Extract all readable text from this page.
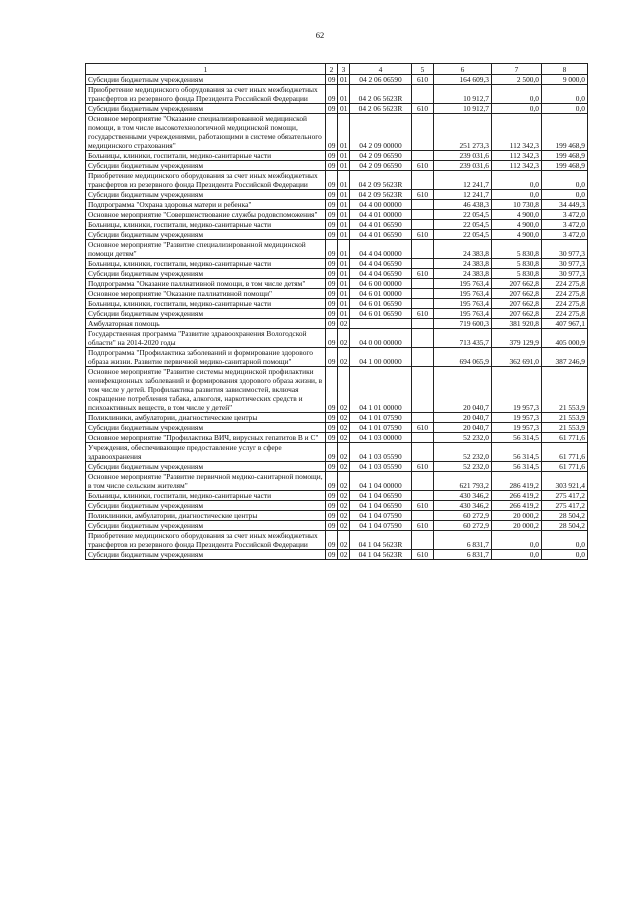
62
1	2	3	4	5	6	7	8
Субсидии бюджетным учреждениям	09	01	04 2 06 06590	610	164 609,3	2 500,0	9 000,0
Приобретение медицинского оборудования за счет иных межбюджетных трансфертов из резервного фонда Президента Российской Федерации	09	01	04 2 06 5623R		10 912,7	0,0	0,0
Субсидии бюджетным учреждениям	09	01	04 2 06 5623R	610	10 912,7	0,0	0,0
Основное мероприятие "Оказание специализированной медицинской помощи, в том числе высокотехнологичной медицинской помощи, государственными учреждениями, работающими в системе обязательного медицинского страхования"	09	01	04 2 09 00000		251 273,3	112 342,3	199 468,9
Больницы, клиники, госпитали, медико-санитарные части	09	01	04 2 09 06590		239 031,6	112 342,3	199 468,9
Субсидии бюджетным учреждениям	09	01	04 2 09 06590	610	239 031,6	112 342,3	199 468,9
Приобретение медицинского оборудования за счет иных межбюджетных трансфертов из резервного фонда Президента Российской Федерации	09	01	04 2 09 5623R		12 241,7	0,0	0,0
Субсидии бюджетным учреждениям	09	01	04 2 09 5623R	610	12 241,7	0,0	0,0
Подпрограмма "Охрана здоровья матери и ребенка"	09	01	04 4 00 00000		46 438,3	10 730,8	34 449,3
Основное мероприятие "Совершенствование службы родовспоможения"	09	01	04 4 01 00000		22 054,5	4 900,0	3 472,0
Больницы, клиники, госпитали, медико-санитарные части	09	01	04 4 01 06590		22 054,5	4 900,0	3 472,0
Субсидии бюджетным учреждениям	09	01	04 4 01 06590	610	22 054,5	4 900,0	3 472,0
Основное мероприятие "Развитие специализированной медицинской помощи детям"	09	01	04 4 04 00000		24 383,8	5 830,8	30 977,3
Больницы, клиники, госпитали, медико-санитарные части	09	01	04 4 04 06590		24 383,8	5 830,8	30 977,3
Субсидии бюджетным учреждениям	09	01	04 4 04 06590	610	24 383,8	5 830,8	30 977,3
Подпрограмма "Оказание паллиативной помощи, в том числе детям"	09	01	04 6 00 00000		195 763,4	207 662,8	224 275,8
Основное мероприятие "Оказание паллиативной помощи"	09	01	04 6 01 00000		195 763,4	207 662,8	224 275,8
Больницы, клиники, госпитали, медико-санитарные части	09	01	04 6 01 06590		195 763,4	207 662,8	224 275,8
Субсидии бюджетным учреждениям	09	01	04 6 01 06590	610	195 763,4	207 662,8	224 275,8
Амбулаторная помощь	09	02			719 600,3	381 920,8	407 967,1
Государственная программа "Развитие здравоохранения Вологодской области" на 2014-2020 годы	09	02	04 0 00 00000		713 435,7	379 129,9	405 000,9
Подпрограмма "Профилактика заболеваний и формирование здорового образа жизни. Развитие первичной медико-санитарной помощи"	09	02	04 1 00 00000		694 065,9	362 691,0	387 246,9
Основное мероприятие "Развитие системы медицинской профилактики неинфекционных заболеваний и формирования здорового образа жизни, в том числе у детей. Профилактика развития зависимостей, включая сокращение потребления табака, алкоголя, наркотических средств и психоактивных веществ, в том числе у детей"	09	02	04 1 01 00000		20 040,7	19 957,3	21 553,9
Поликлиники, амбулатории, диагностические центры	09	02	04 1 01 07590		20 040,7	19 957,3	21 553,9
Субсидии бюджетным учреждениям	09	02	04 1 01 07590	610	20 040,7	19 957,3	21 553,9
Основное мероприятие "Профилактика ВИЧ, вирусных гепатитов В и С"	09	02	04 1 03 00000		52 232,0	56 314,5	61 771,6
Учреждения, обеспечивающие предоставление услуг в сфере здравоохранения	09	02	04 1 03 05590		52 232,0	56 314,5	61 771,6
Субсидии бюджетным учреждениям	09	02	04 1 03 05590	610	52 232,0	56 314,5	61 771,6
Основное мероприятие "Развитие первичной медико-санитарной помощи, в том числе сельским жителям"	09	02	04 1 04 00000		621 793,2	286 419,2	303 921,4
Больницы, клиники, госпитали, медико-санитарные части	09	02	04 1 04 06590		430 346,2	266 419,2	275 417,2
Субсидии бюджетным учреждениям	09	02	04 1 04 06590	610	430 346,2	266 419,2	275 417,2
Поликлиники, амбулатории, диагностические центры	09	02	04 1 04 07590		60 272,9	20 000,2	28 504,2
Субсидии бюджетным учреждениям	09	02	04 1 04 07590	610	60 272,9	20 000,2	28 504,2
Приобретение медицинского оборудования за счет иных межбюджетных трансфертов из резервного фонда Президента Российской Федерации	09	02	04 1 04 5623R		6 831,7	0,0	0,0
Субсидии бюджетным учреждениям	09	02	04 1 04 5623R	610	6 831,7	0,0	0,0
